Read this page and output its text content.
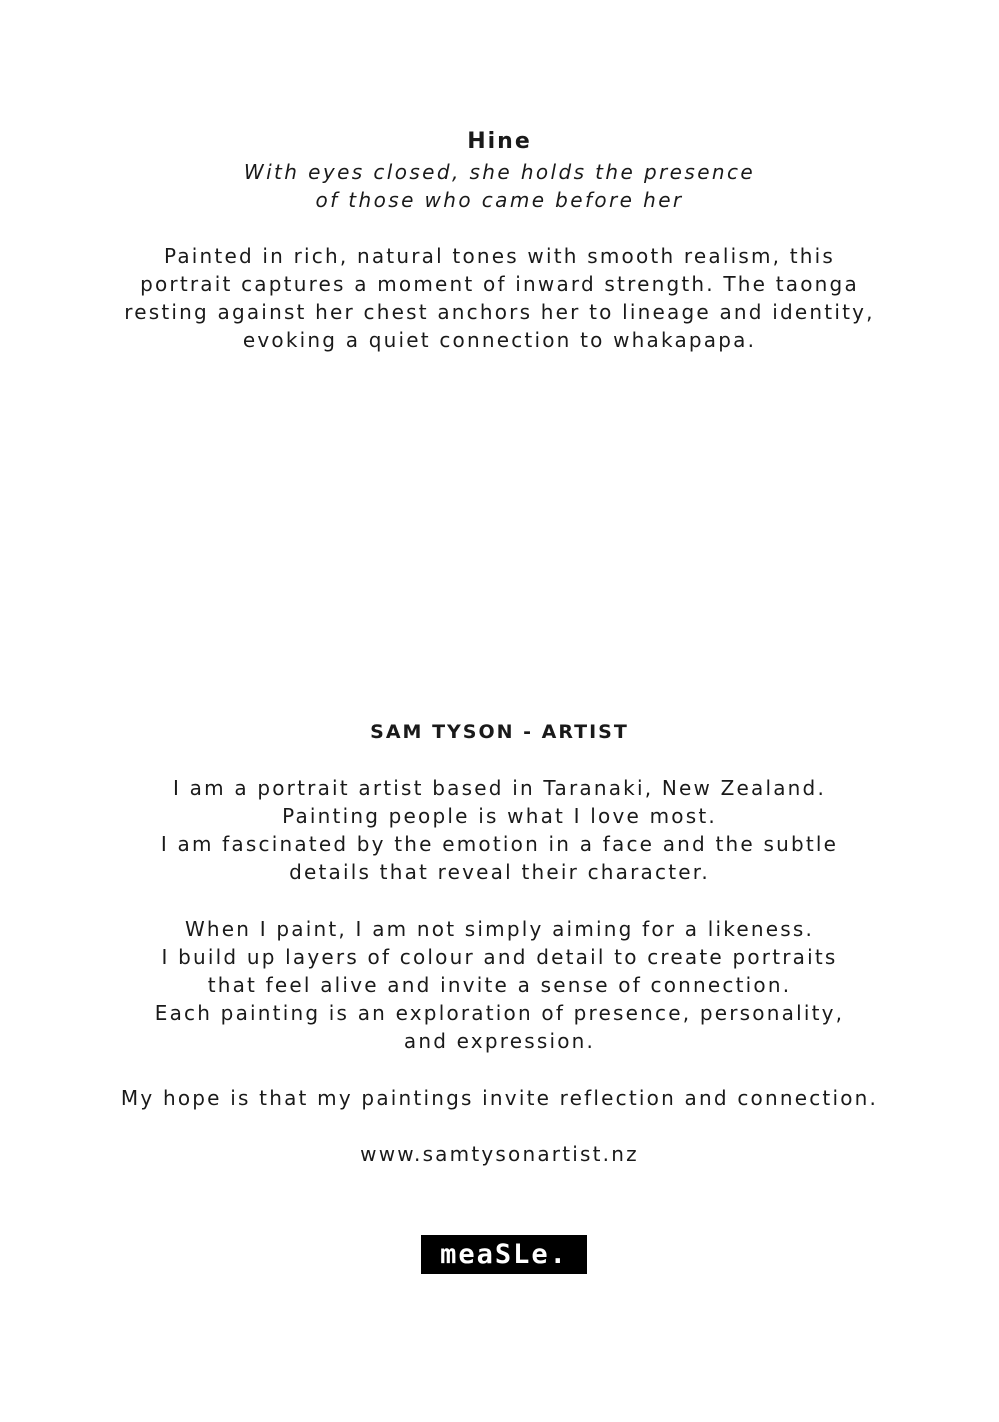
Hine

With eyes closed, she holds the presence

of those who came before her

Painted in rich, natural tones with smooth realism, this

portrait captures a moment of inward strength. The taonga

resting against her chest anchors her to lineage and identity,

evoking a quiet connection to whakapapa.

SAM TYSON - ARTIST

I am a portrait artist based in Taranaki, New Zealand.

Painting people is what I love most.

I am fascinated by the emotion in a face and the subtle

details that reveal their character.

When I paint, I am not simply aiming for a likeness.

I build up layers of colour and detail to create portraits

that feel alive and invite a sense of connection.

Each painting is an exploration of presence, personality,

and expression.

My hope is that my paintings invite reflection and connection.

www.samtysonartist.nz

meaSLe.
